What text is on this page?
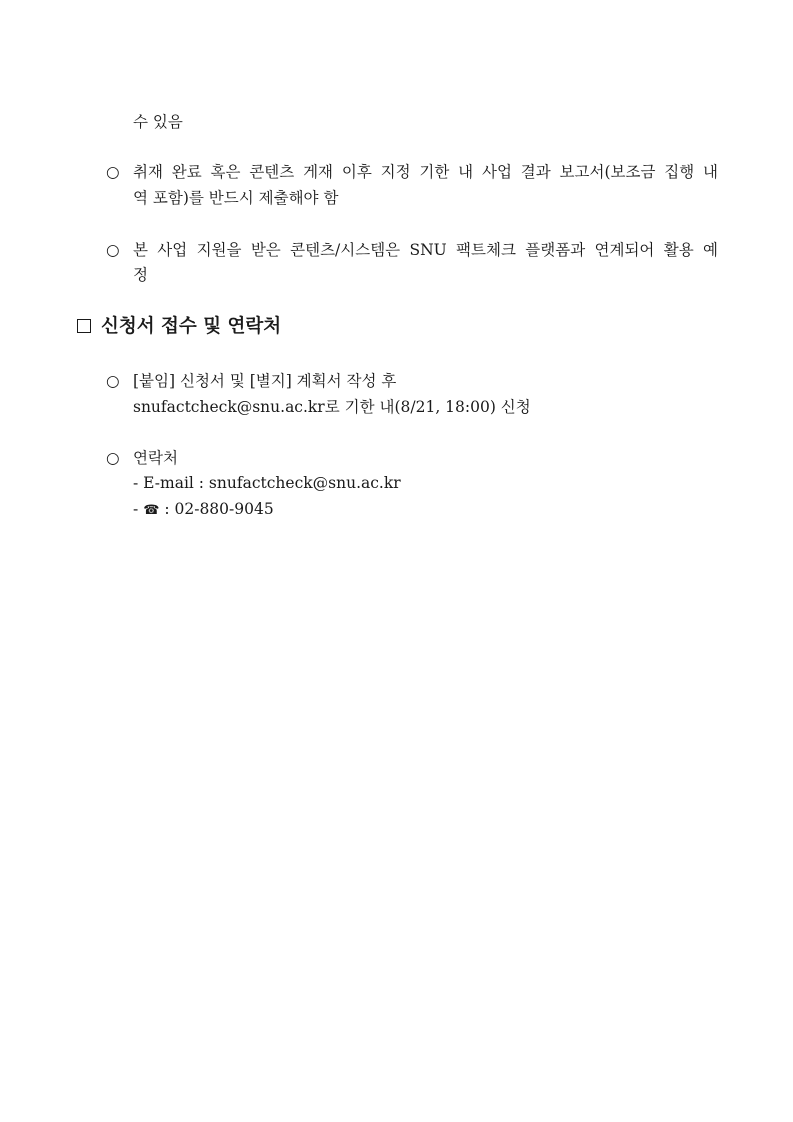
수 있음
○ 취재 완료 혹은 콘텐츠 게재 이후 지정 기한 내 사업 결과 보고서(보조금 집행 내
역 포함)를 반드시 제출해야 함
○ 본 사업 지원을 받은 콘텐츠/시스템은 SNU 팩트체크 플랫폼과 연계되어 활용 예
정
신청서 접수 및 연락처
○ [붙임] 신청서 및 [별지] 계획서 작성 후
snufactcheck@snu.ac.kr로 기한 내(8/21, 18:00) 신청
○ 연락처
- E-mail : snufactcheck@snu.ac.kr
- ☎ : 02-880-9045
